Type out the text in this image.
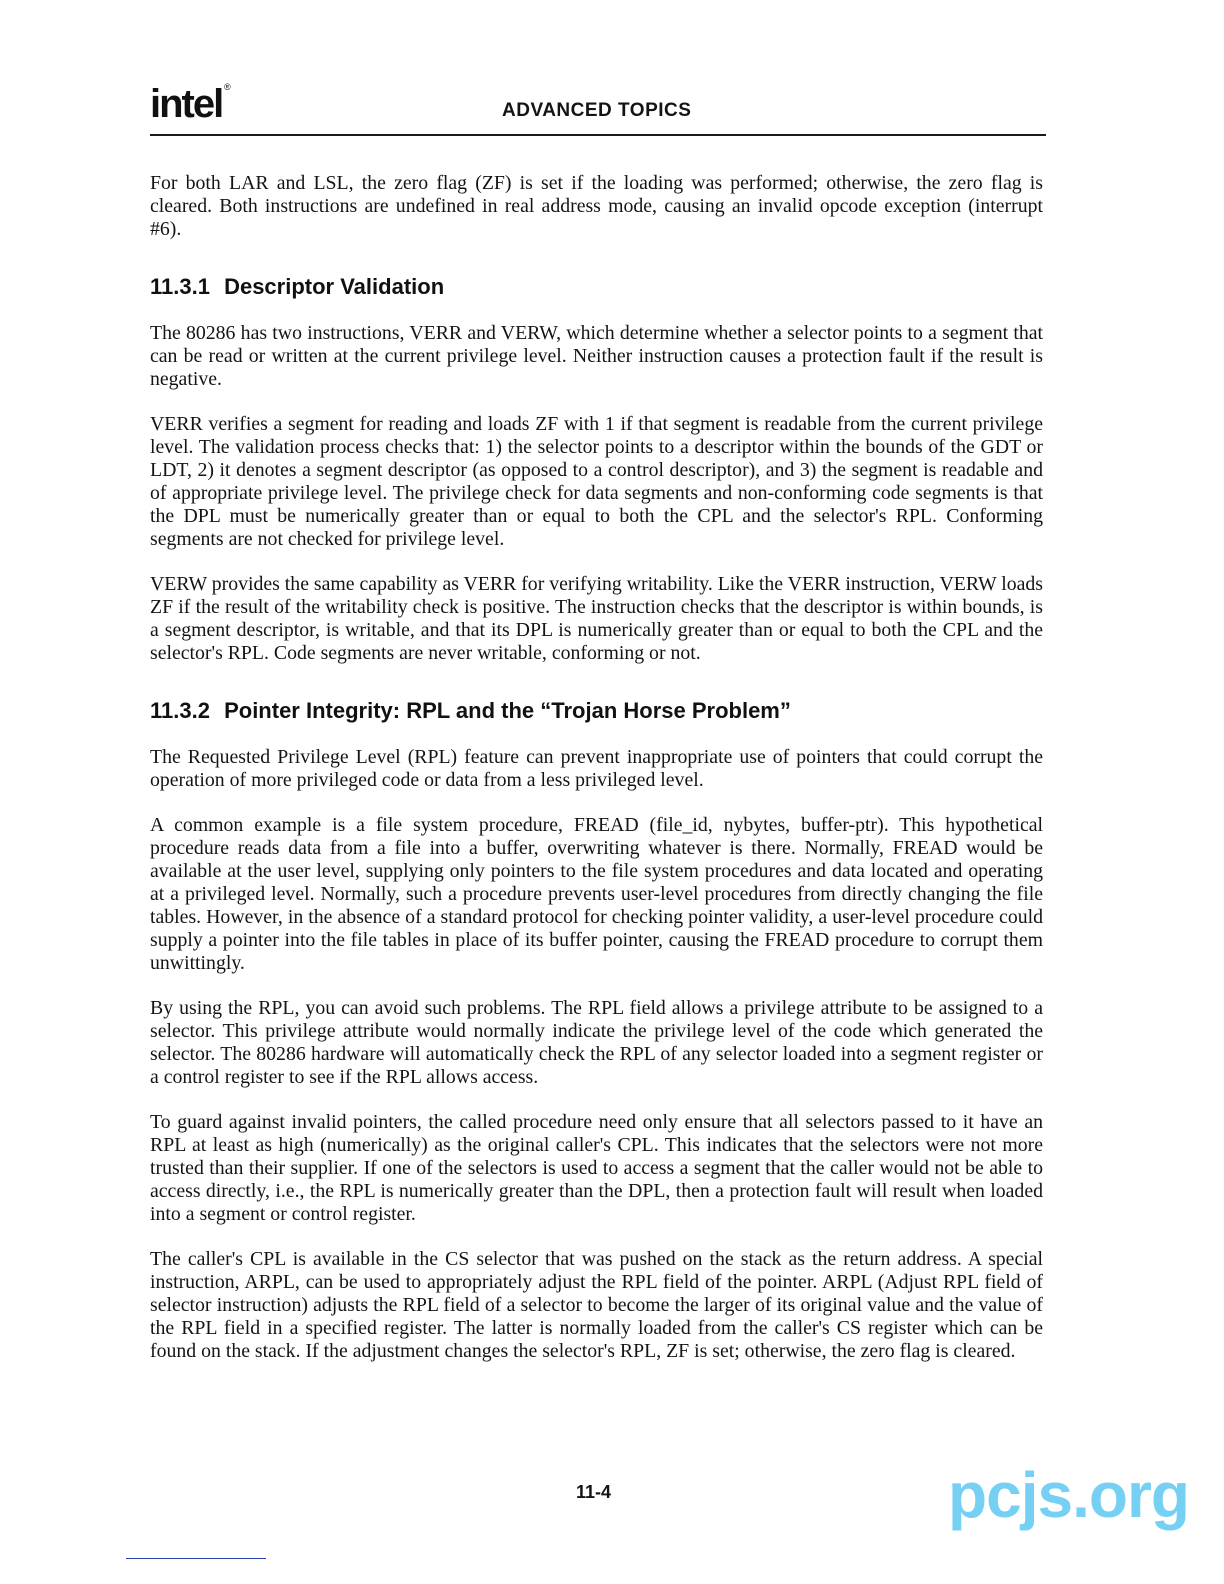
intel ®
ADVANCED TOPICS

For both LAR and LSL, the zero flag (ZF) is set if the loading was performed; otherwise, the zero flag is cleared. Both instructions are undefined in real address mode, causing an invalid opcode exception (interrupt #6).

11.3.1 Descriptor Validation

The 80286 has two instructions, VERR and VERW, which determine whether a selector points to a segment that can be read or written at the current privilege level. Neither instruction causes a protection fault if the result is negative.

VERR verifies a segment for reading and loads ZF with 1 if that segment is readable from the current privilege level. The validation process checks that: 1) the selector points to a descriptor within the bounds of the GDT or LDT, 2) it denotes a segment descriptor (as opposed to a control descriptor), and 3) the segment is readable and of appropriate privilege level. The privilege check for data segments and non-conforming code segments is that the DPL must be numerically greater than or equal to both the CPL and the selector's RPL. Conforming segments are not checked for privilege level.

VERW provides the same capability as VERR for verifying writability. Like the VERR instruction, VERW loads ZF if the result of the writability check is positive. The instruction checks that the descriptor is within bounds, is a segment descriptor, is writable, and that its DPL is numerically greater than or equal to both the CPL and the selector's RPL. Code segments are never writable, conforming or not.

11.3.2 Pointer Integrity: RPL and the “Trojan Horse Problem”

The Requested Privilege Level (RPL) feature can prevent inappropriate use of pointers that could corrupt the operation of more privileged code or data from a less privileged level.

A common example is a file system procedure, FREAD (file_id, nybytes, buffer-ptr). This hypothetical procedure reads data from a file into a buffer, overwriting whatever is there. Normally, FREAD would be available at the user level, supplying only pointers to the file system procedures and data located and operating at a privileged level. Normally, such a procedure prevents user-level procedures from directly changing the file tables. However, in the absence of a standard protocol for checking pointer validity, a user-level procedure could supply a pointer into the file tables in place of its buffer pointer, causing the FREAD procedure to corrupt them unwittingly.

By using the RPL, you can avoid such problems. The RPL field allows a privilege attribute to be assigned to a selector. This privilege attribute would normally indicate the privilege level of the code which generated the selector. The 80286 hardware will automatically check the RPL of any selector loaded into a segment register or a control register to see if the RPL allows access.

To guard against invalid pointers, the called procedure need only ensure that all selectors passed to it have an RPL at least as high (numerically) as the original caller's CPL. This indicates that the selectors were not more trusted than their supplier. If one of the selectors is used to access a segment that the caller would not be able to access directly, i.e., the RPL is numerically greater than the DPL, then a protection fault will result when loaded into a segment or control register.

The caller's CPL is available in the CS selector that was pushed on the stack as the return address. A special instruction, ARPL, can be used to appropriately adjust the RPL field of the pointer. ARPL (Adjust RPL field of selector instruction) adjusts the RPL field of a selector to become the larger of its original value and the value of the RPL field in a specified register. The latter is normally loaded from the caller's CS register which can be found on the stack. If the adjustment changes the selector's RPL, ZF is set; otherwise, the zero flag is cleared.

11-4	pcjs.org
